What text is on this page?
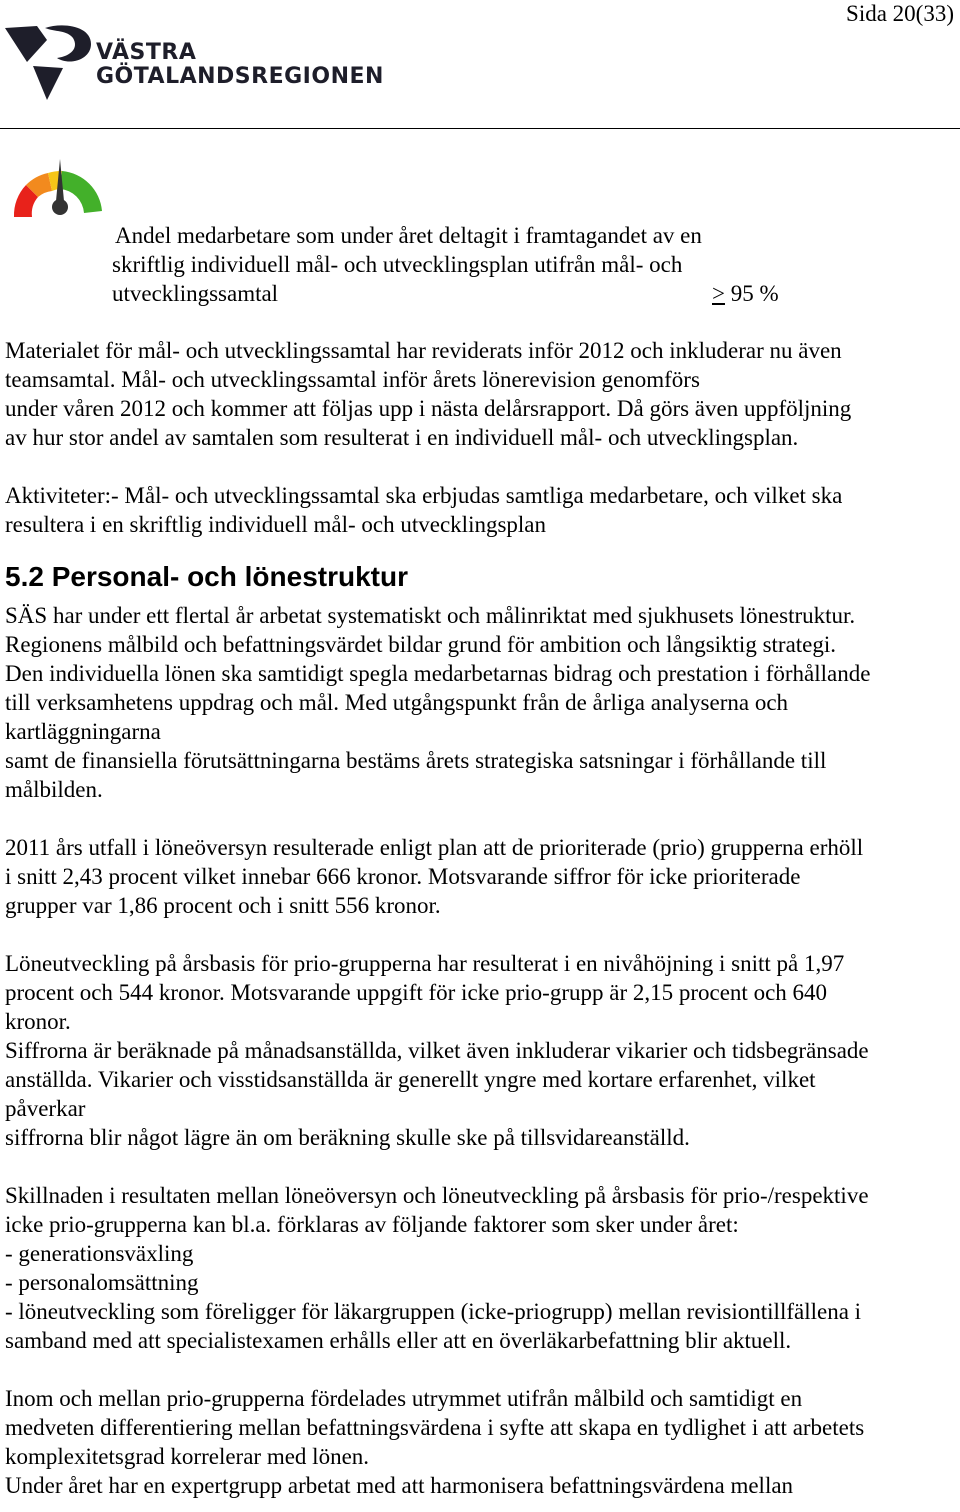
Sida 20(33)
VÄSTRA
GÖTALANDSREGIONEN
Andel medarbetare som under året deltagit i framtagandet av en
skriftlig individuell mål- och utvecklingsplan utifrån mål- och
utvecklingssamtal	> 95 %

Materialet för mål- och utvecklingssamtal har reviderats inför 2012 och inkluderar nu även
teamsamtal. Mål- och utvecklingssamtal inför årets lönerevision genomförs
under våren 2012 och kommer att följas upp i nästa delårsrapport. Då görs även uppföljning
av hur stor andel av samtalen som resulterat i en individuell mål- och utvecklingsplan.

Aktiviteter:- Mål- och utvecklingssamtal ska erbjudas samtliga medarbetare, och vilket ska
resultera i en skriftlig individuell mål- och utvecklingsplan

5.2 Personal- och lönestruktur

SÄS har under ett flertal år arbetat systematiskt och målinriktat med sjukhusets lönestruktur.
Regionens målbild och befattningsvärdet bildar grund för ambition och långsiktig strategi.
Den individuella lönen ska samtidigt spegla medarbetarnas bidrag och prestation i förhållande
till verksamhetens uppdrag och mål. Med utgångspunkt från de årliga analyserna och
kartläggningarna
samt de finansiella förutsättningarna bestäms årets strategiska satsningar i förhållande till
målbilden.

2011 års utfall i löneöversyn resulterade enligt plan att de prioriterade (prio) grupperna erhöll
i snitt 2,43 procent vilket innebar 666 kronor. Motsvarande siffror för icke prioriterade
grupper var 1,86 procent och i snitt 556 kronor.

Löneutveckling på årsbasis för prio-grupperna har resulterat i en nivåhöjning i snitt på 1,97
procent och 544 kronor. Motsvarande uppgift för icke prio-grupp är 2,15 procent och 640
kronor.
Siffrorna är beräknade på månadsanställda, vilket även inkluderar vikarier och tidsbegränsade
anställda. Vikarier och visstidsanställda är generellt yngre med kortare erfarenhet, vilket
påverkar
siffrorna blir något lägre än om beräkning skulle ske på tillsvidareanställd.

Skillnaden i resultaten mellan löneöversyn och löneutveckling på årsbasis för prio-/respektive
icke prio-grupperna kan bl.a. förklaras av följande faktorer som sker under året:
- generationsväxling
- personalomsättning
- löneutveckling som föreligger för läkargruppen (icke-priogrupp) mellan revisiontillfällena i
samband med att specialistexamen erhålls eller att en överläkarbefattning blir aktuell.

Inom och mellan prio-grupperna fördelades utrymmet utifrån målbild och samtidigt en
medveten differentiering mellan befattningsvärdena i syfte att skapa en tydlighet i att arbetets
komplexitetsgrad korrelerar med lönen.
Under året har en expertgrupp arbetat med att harmonisera befattningsvärdena mellan
